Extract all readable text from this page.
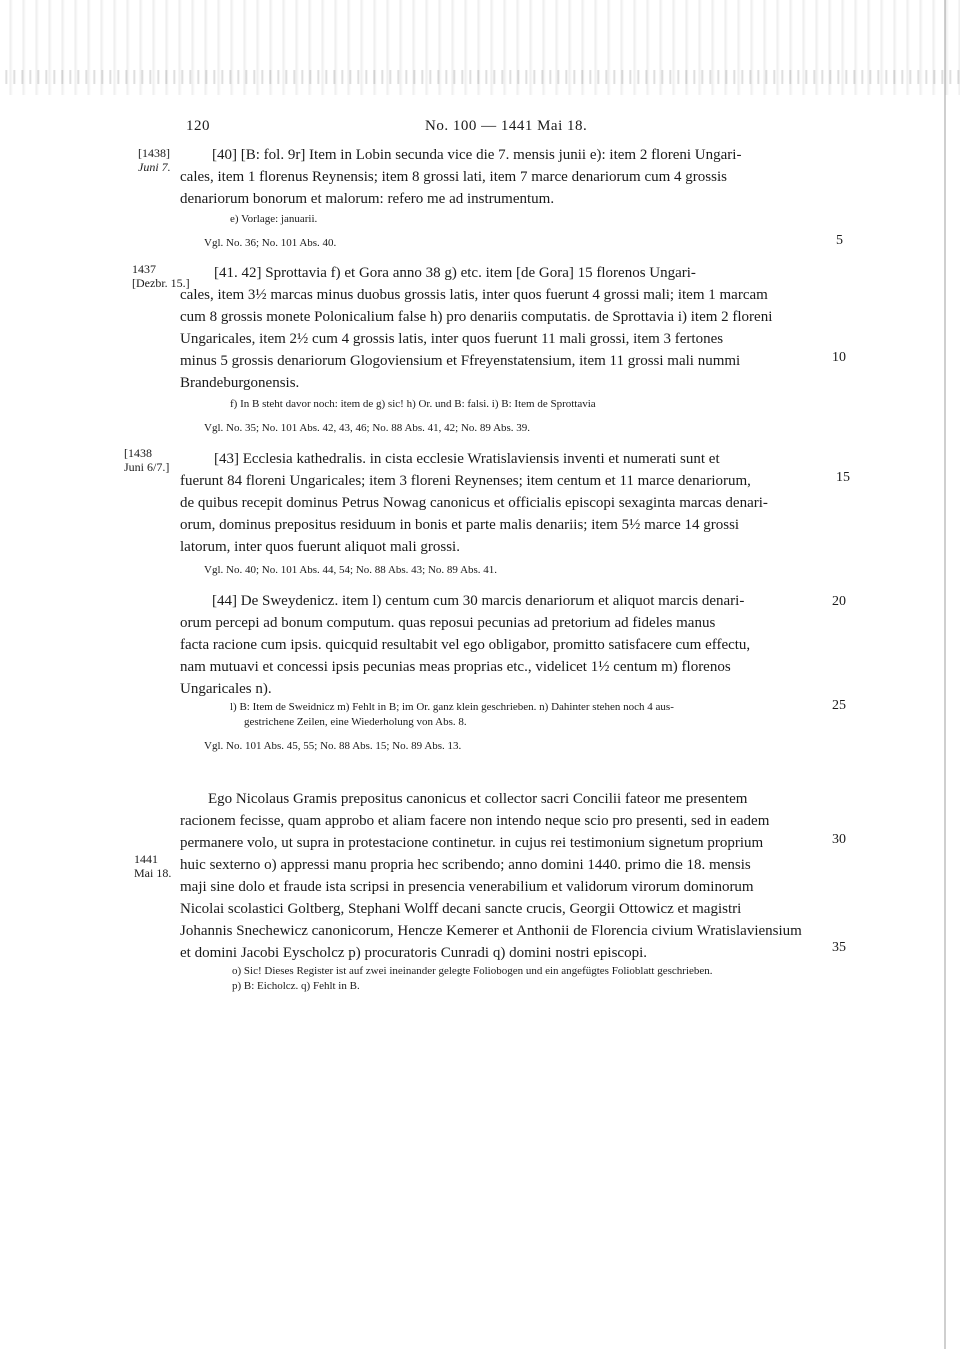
120	No. 100 — 1441 Mai 18.
[1438]
Juni 7.
1437
[Dezbr. 15.]
[1438
Juni 6/7.]
1441
Mai 18.
5
10
15
20
25
30
35
[40] [B: fol. 9r] Item in Lobin secunda vice die 7. mensis junii e): item 2 floreni Ungari-
cales, item 1 florenus Reynensis; item 8 grossi lati, item 7 marce denariorum cum 4 grossis
denariorum bonorum et malorum: refero me ad instrumentum.
e) Vorlage: januarii.
Vgl. No. 36; No. 101 Abs. 40.
[41. 42] Sprottavia f) et Gora anno 38 g) etc. item [de Gora] 15 florenos Ungari-
cales, item 3½ marcas minus duobus grossis latis, inter quos fuerunt 4 grossi mali; item 1 marcam
cum 8 grossis monete Polonicalium false h) pro denariis computatis. de Sprottavia i) item 2 floreni
Ungaricales, item 2½ cum 4 grossis latis, inter quos fuerunt 11 mali grossi, item 3 fertones
minus 5 grossis denariorum Glogoviensium et Ffreyenstatensium, item 11 grossi mali nummi
Brandeburgonensis.
f) In B steht davor noch: item de g) sic! h) Or. und B: falsi. i) B: Item de Sprottavia
Vgl. No. 35; No. 101 Abs. 42, 43, 46; No. 88 Abs. 41, 42; No. 89 Abs. 39.
[43] Ecclesia kathedralis. in cista ecclesie Wratislaviensis inventi et numerati sunt et
fuerunt 84 floreni Ungaricales; item 3 floreni Reynenses; item centum et 11 marce denariorum,
de quibus recepit dominus Petrus Nowag canonicus et officialis episcopi sexaginta marcas denari-
orum, dominus prepositus residuum in bonis et parte malis denariis; item 5½ marce 14 grossi
latorum, inter quos fuerunt aliquot mali grossi.
Vgl. No. 40; No. 101 Abs. 44, 54; No. 88 Abs. 43; No. 89 Abs. 41.
[44] De Sweydenicz. item l) centum cum 30 marcis denariorum et aliquot marcis denari-
orum percepi ad bonum computum. quas reposui pecunias ad pretorium ad fideles manus
facta racione cum ipsis. quicquid resultabit vel ego obligabor, promitto satisfacere cum effectu,
nam mutuavi et concessi ipsis pecunias meas proprias etc., videlicet 1½ centum m) florenos
Ungaricales n).
l) B: Item de Sweidnicz m) Fehlt in B; im Or. ganz klein geschrieben. n) Dahinter stehen noch 4 aus-
gestrichene Zeilen, eine Wiederholung von Abs. 8.
Vgl. No. 101 Abs. 45, 55; No. 88 Abs. 15; No. 89 Abs. 13.
Ego Nicolaus Gramis prepositus canonicus et collector sacri Concilii fateor me presentem
racionem fecisse, quam approbo et aliam facere non intendo neque scio pro presenti, sed in eadem
permanere volo, ut supra in protestacione continetur. in cujus rei testimonium signetum proprium
huic sexterno o) appressi manu propria hec scribendo; anno domini 1440. primo die 18. mensis
maji sine dolo et fraude ista scripsi in presencia venerabilium et validorum virorum dominorum
Nicolai scolastici Goltberg, Stephani Wolff decani sancte crucis, Georgii Ottowicz et magistri
Johannis Snechewicz canonicorum, Hencze Kemerer et Anthonii de Florencia civium Wratislaviensium
et domini Jacobi Eyscholcz p) procuratoris Cunradi q) domini nostri episcopi.
o) Sic! Dieses Register ist auf zwei ineinander gelegte Foliobogen und ein angefügtes Folioblatt geschrieben.
p) B: Eicholcz. q) Fehlt in B.
